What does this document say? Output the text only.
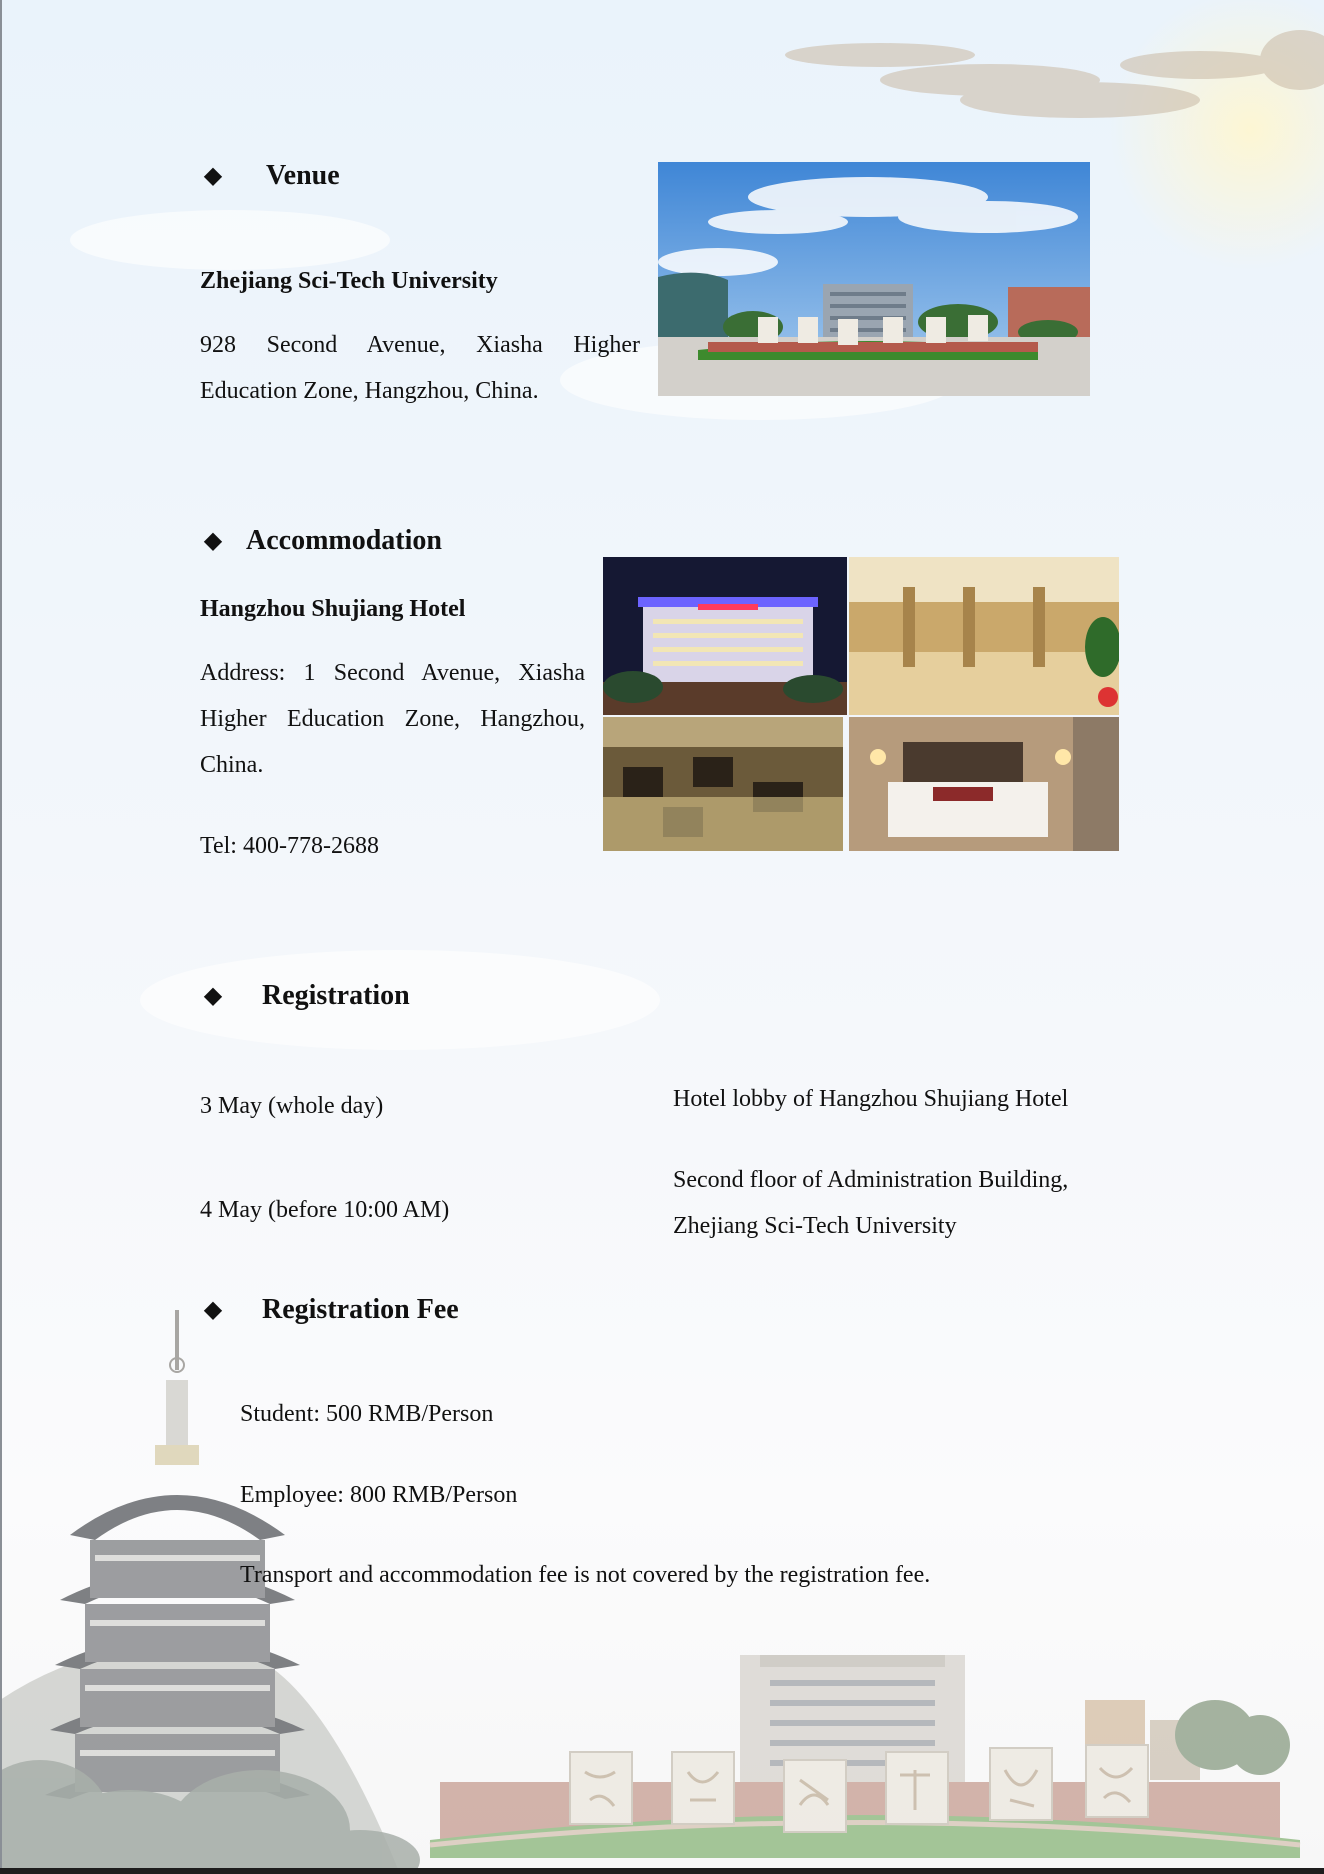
◆ Venue
Zhejiang Sci-Tech University
928 Second Avenue, Xiasha Higher Education Zone, Hangzhou, China.
◆ Accommodation
Hangzhou Shujiang Hotel
Address: 1 Second Avenue, Xiasha Higher Education Zone, Hangzhou, China.
Tel: 400-778-2688
◆ Registration
3 May (whole day)	Hotel lobby of Hangzhou Shujiang Hotel
4 May (before 10:00 AM)
Second floor of Administration Building, Zhejiang Sci-Tech University
◆ Registration Fee
Student: 500 RMB/Person
Employee: 800 RMB/Person
Transport and accommodation fee is not covered by the registration fee.
